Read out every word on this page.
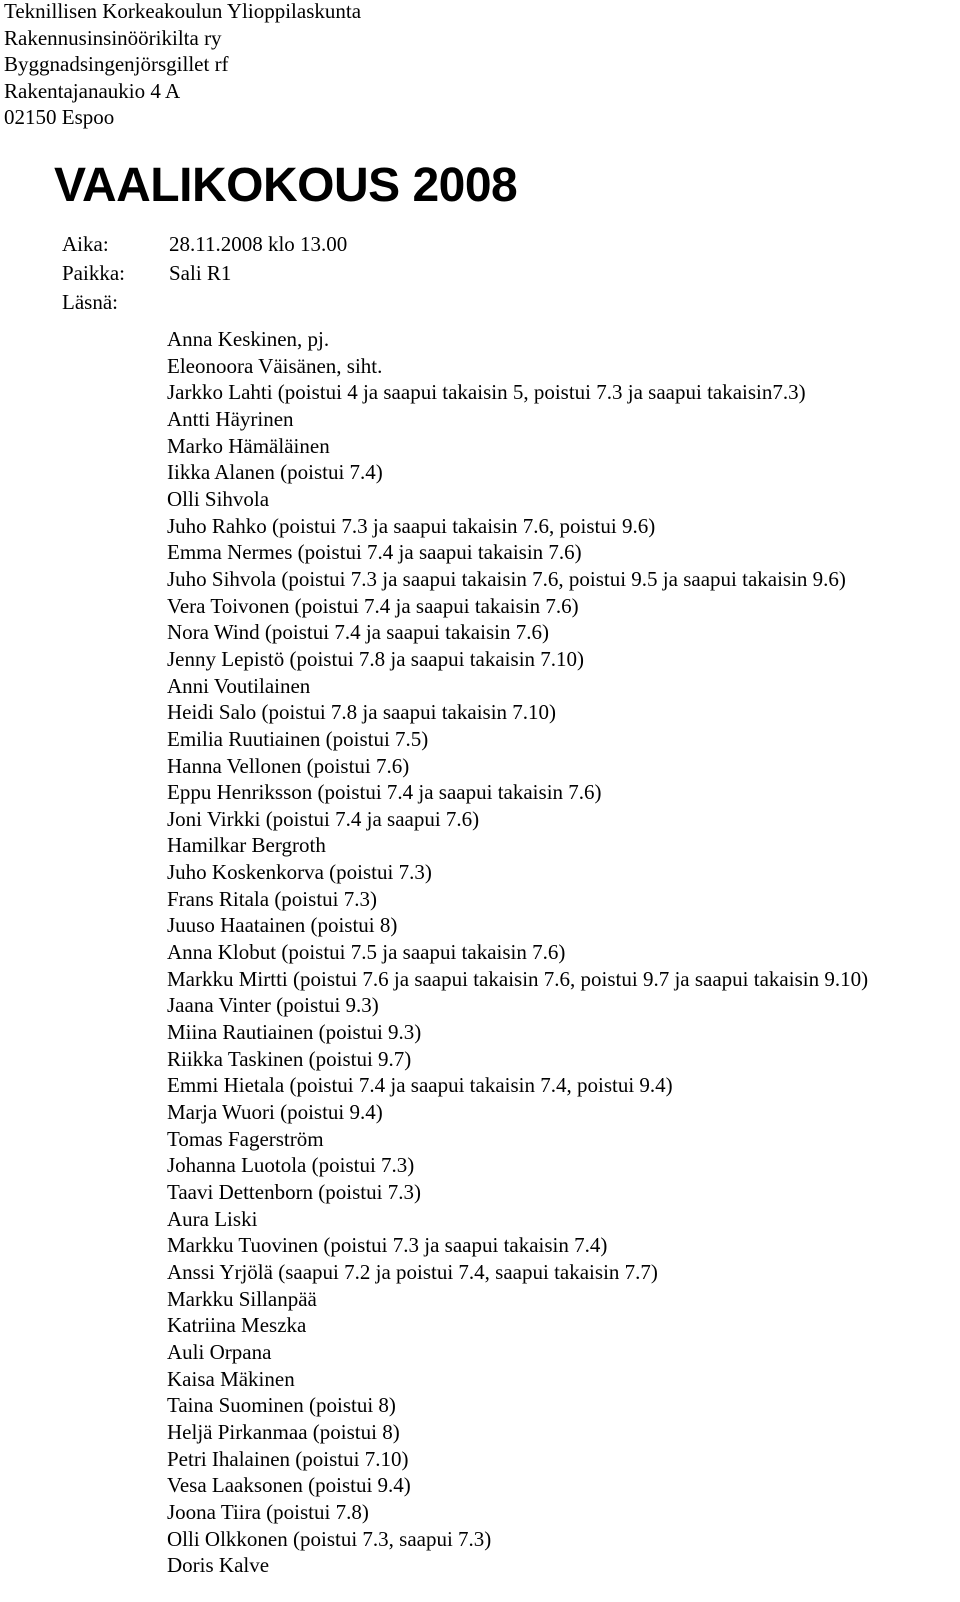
Teknillisen Korkeakoulun Ylioppilaskunta
Rakennusinsinöörikilta ry
Byggnadsingenjörsgillet rf
Rakentajanaukio 4 A
02150 Espoo
VAALIKOKOUS 2008
Aika:	28.11.2008 klo 13.00
Paikka:	Sali R1
Läsnä:
Anna Keskinen, pj.
Eleonoora Väisänen, siht.
Jarkko Lahti (poistui 4 ja saapui takaisin 5, poistui 7.3 ja saapui takaisin7.3)
Antti Häyrinen
Marko Hämäläinen
Iikka Alanen (poistui 7.4)
Olli Sihvola
Juho Rahko (poistui 7.3 ja saapui takaisin 7.6, poistui 9.6)
Emma Nermes (poistui 7.4 ja saapui takaisin 7.6)
Juho Sihvola (poistui 7.3 ja saapui takaisin 7.6, poistui 9.5 ja saapui takaisin 9.6)
Vera Toivonen (poistui 7.4 ja saapui takaisin 7.6)
Nora Wind (poistui 7.4 ja saapui takaisin 7.6)
Jenny Lepistö (poistui 7.8 ja saapui takaisin 7.10)
Anni Voutilainen
Heidi Salo (poistui 7.8 ja saapui takaisin 7.10)
Emilia Ruutiainen (poistui 7.5)
Hanna Vellonen (poistui 7.6)
Eppu Henriksson (poistui 7.4 ja saapui takaisin 7.6)
Joni Virkki (poistui 7.4 ja saapui 7.6)
Hamilkar Bergroth
Juho Koskenkorva (poistui 7.3)
Frans Ritala (poistui 7.3)
Juuso Haatainen (poistui 8)
Anna Klobut (poistui 7.5 ja saapui takaisin 7.6)
Markku Mirtti (poistui 7.6 ja saapui takaisin 7.6, poistui 9.7 ja saapui takaisin 9.10)
Jaana Vinter (poistui 9.3)
Miina Rautiainen (poistui 9.3)
Riikka Taskinen (poistui 9.7)
Emmi Hietala (poistui 7.4 ja saapui takaisin 7.4, poistui 9.4)
Marja Wuori (poistui 9.4)
Tomas Fagerström
Johanna Luotola (poistui 7.3)
Taavi Dettenborn (poistui 7.3)
Aura Liski
Markku Tuovinen (poistui 7.3 ja saapui takaisin 7.4)
Anssi Yrjölä (saapui 7.2 ja poistui 7.4, saapui takaisin 7.7)
Markku Sillanpää
Katriina Meszka
Auli Orpana
Kaisa Mäkinen
Taina Suominen (poistui 8)
Heljä Pirkanmaa (poistui 8)
Petri Ihalainen (poistui 7.10)
Vesa Laaksonen (poistui 9.4)
Joona Tiira (poistui 7.8)
Olli Olkkonen (poistui 7.3, saapui 7.3)
Doris Kalve
